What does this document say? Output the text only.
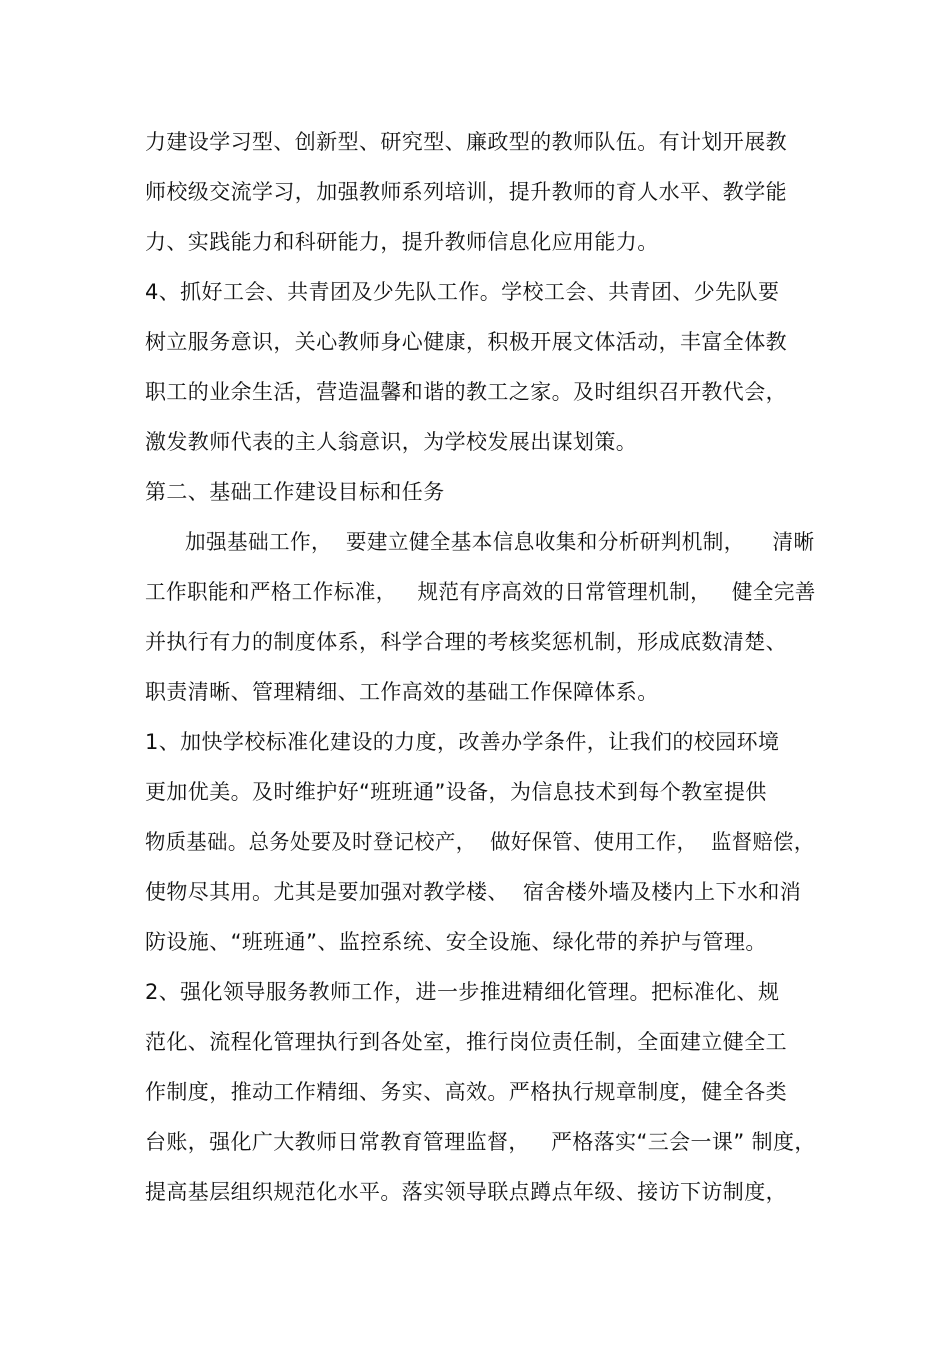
力建设学习型、创新型、研究型、廉政型的教师队伍。有计划开展教
师校级交流学习，加强教师系列培训，提升教师的育人水平、教学能
力、实践能力和科研能力，提升教师信息化应用能力。
4、抓好工会、共青团及少先队工作。学校工会、共青团、少先队要
树立服务意识，关心教师身心健康，积极开展文体活动，丰富全体教
职工的业余生活，营造温馨和谐的教工之家。及时组织召开教代会，
激发教师代表的主人翁意识，为学校发展出谋划策。
第二、基础工作建设目标和任务
加强基础工作，  要建立健全基本信息收集和分析研判机制，    清晰
工作职能和严格工作标准，   规范有序高效的日常管理机制，   健全完善
并执行有力的制度体系，科学合理的考核奖惩机制，形成底数清楚、
职责清晰、管理精细、工作高效的基础工作保障体系。
1、加快学校标准化建设的力度，改善办学条件，让我们的校园环境
更加优美。及时维护好“班班通”设备，为信息技术到每个教室提供
物质基础。总务处要及时登记校产，  做好保管、使用工作，  监督赔偿，
使物尽其用。尤其是要加强对教学楼、  宿舍楼外墙及楼内上下水和消
防设施、“班班通”、监控系统、安全设施、绿化带的养护与管理。
2、强化领导服务教师工作，进一步推进精细化管理。把标准化、规
范化、流程化管理执行到各处室，推行岗位责任制，全面建立健全工
作制度，推动工作精细、务实、高效。严格执行规章制度，健全各类
台账，强化广大教师日常教育管理监督，   严格落实“三会一课” 制度，
提高基层组织规范化水平。落实领导联点蹲点年级、接访下访制度，
